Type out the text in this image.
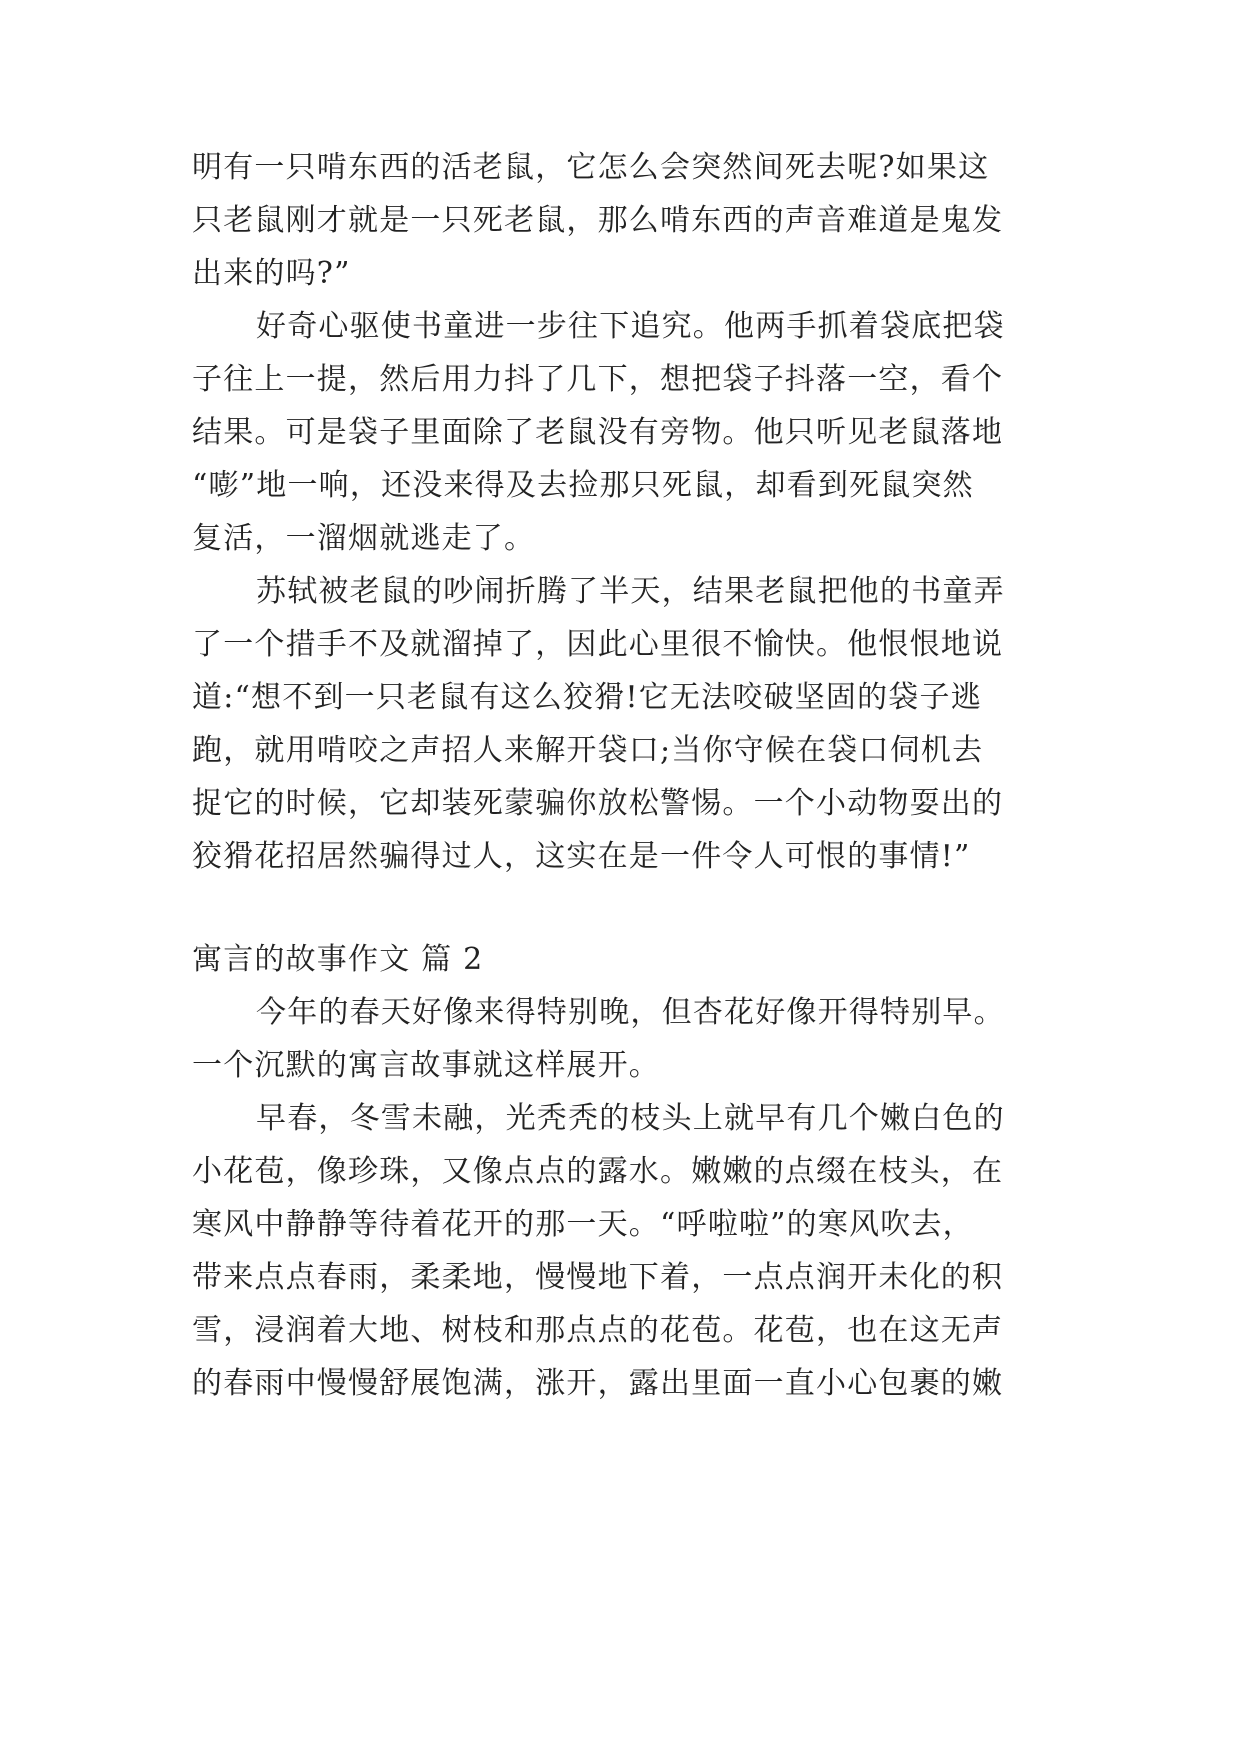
明有一只啃东西的活老鼠，它怎么会突然间死去呢?如果这
只老鼠刚才就是一只死老鼠，那么啃东西的声音难道是鬼发
出来的吗?”
好奇心驱使书童进一步往下追究。他两手抓着袋底把袋
子往上一提，然后用力抖了几下，想把袋子抖落一空，看个
结果。可是袋子里面除了老鼠没有旁物。他只听见老鼠落地
“嘭”地一响，还没来得及去捡那只死鼠，却看到死鼠突然
复活，一溜烟就逃走了。
苏轼被老鼠的吵闹折腾了半天，结果老鼠把他的书童弄
了一个措手不及就溜掉了，因此心里很不愉快。他恨恨地说
道:“想不到一只老鼠有这么狡猾!它无法咬破坚固的袋子逃
跑，就用啃咬之声招人来解开袋口;当你守候在袋口伺机去
捉它的时候，它却装死蒙骗你放松警惕。一个小动物耍出的
狡猾花招居然骗得过人，这实在是一件令人可恨的事情!”
寓言的故事作文 篇 2
今年的春天好像来得特别晚，但杏花好像开得特别早。
一个沉默的寓言故事就这样展开。
早春，冬雪未融，光秃秃的枝头上就早有几个嫩白色的
小花苞，像珍珠，又像点点的露水。嫩嫩的点缀在枝头，在
寒风中静静等待着花开的那一天。“呼啦啦”的寒风吹去，
带来点点春雨，柔柔地，慢慢地下着，一点点润开未化的积
雪，浸润着大地、树枝和那点点的花苞。花苞，也在这无声
的春雨中慢慢舒展饱满，涨开，露出里面一直小心包裹的嫩
